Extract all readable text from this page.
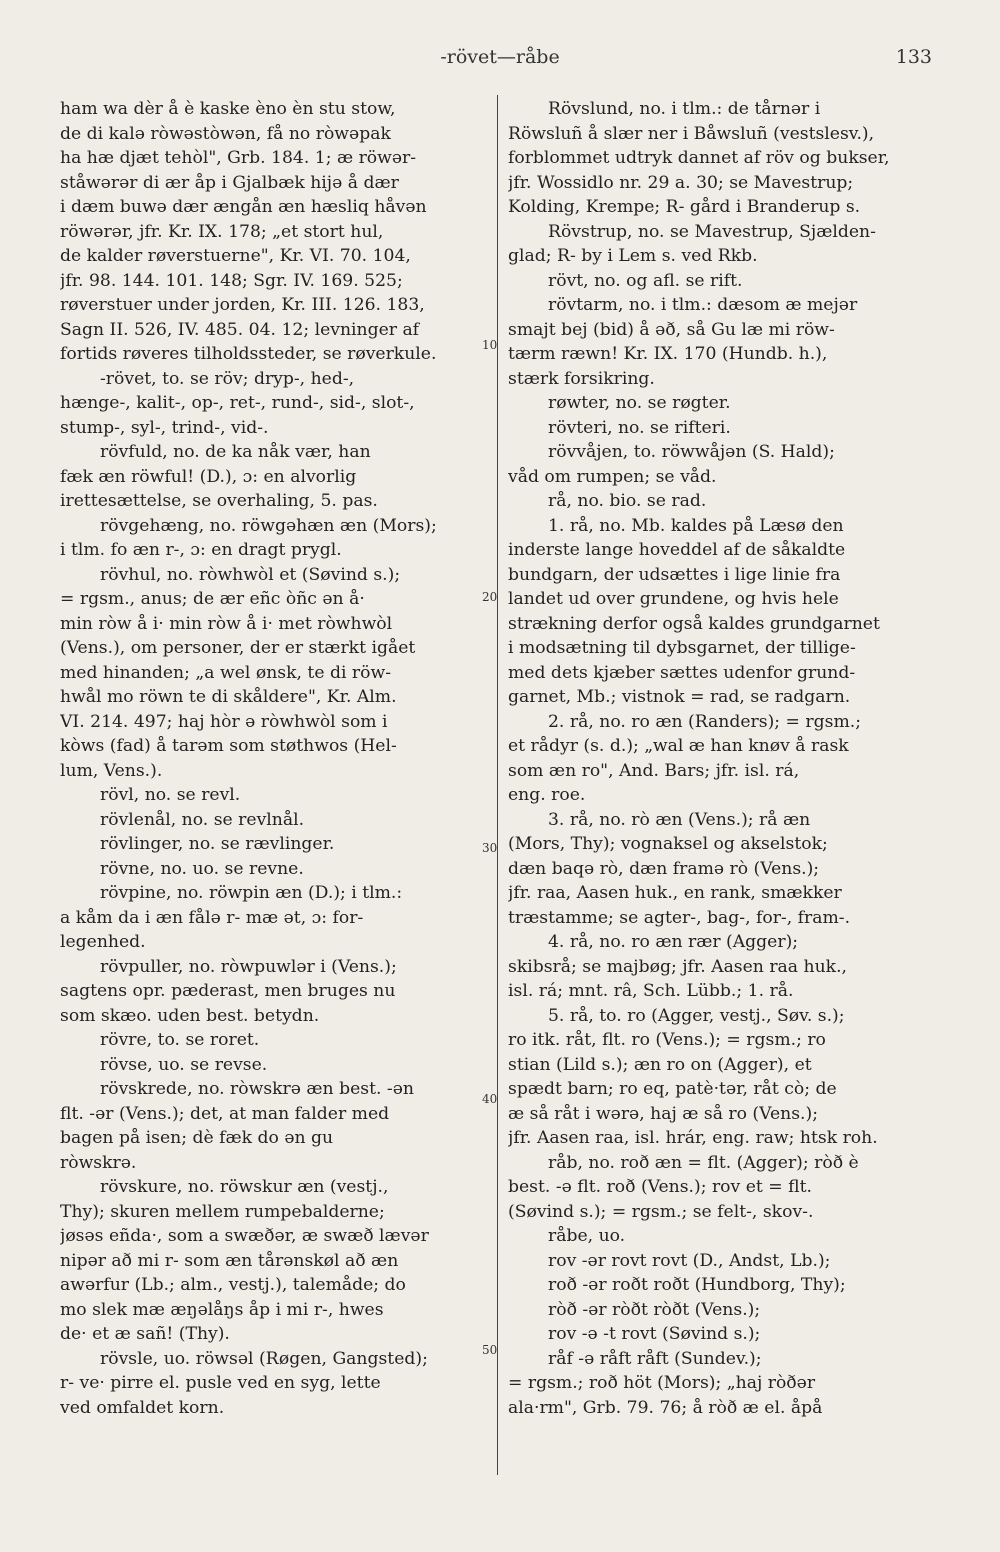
-rövet—råbe	133
ham wa dèr å è kaske èno èn stu stow,
de di kalə ròwəstòwən, få no ròwəpak
ha hæ djæt tehòl", Grb. 184. 1; æ röwər-
ståwərər di ær åp i Gjalbæk hijə å dær
i dæm buwə dær ængån æn hæsliq håvən
röwərər, jfr. Kr. IX. 178; „et stort hul,
de kalder røverstuerne", Kr. VI. 70. 104,
jfr. 98. 144. 101. 148; Sgr. IV. 169. 525;
røverstuer under jorden, Kr. III. 126. 183,
Sagn II. 526, IV. 485. 04. 12; levninger af
fortids røveres tilholdssteder, se røverkule.
-rövet, to. se röv; dryp-, hed-,
hænge-, kalit-, op-, ret-, rund-, sid-, slot-,
stump-, syl-, trind-, vid-.
rövfuld, no. de ka nåk vær, han
fæk æn röwful! (D.), ɔ: en alvorlig
irettesættelse, se overhaling, 5. pas.
rövgehæng, no. röwgəhæn æn (Mors);
i tlm. fo æn r-, ɔ: en dragt prygl.
rövhul, no. ròwhwòl et (Søvind s.);
= rgsm., anus; de ær eñc òñc ən å·
min ròw å i· min ròw å i· met ròwhwòl
(Vens.), om personer, der er stærkt igået
med hinanden; „a wel ønsk, te di röw-
hwål mo röwn te di skåldere", Kr. Alm.
VI. 214. 497; haj hòr ə ròwhwòl som i
kòws (fad) å tarəm som støthwos (Hel-
lum, Vens.).
rövl, no. se revl.
rövlenål, no. se revlnål.
rövlinger, no. se rævlinger.
rövne, no. uo. se revne.
rövpine, no. röwpin æn (D.); i tlm.:
a kåm da i æn fålə r- mæ ət, ɔ: for-
legenhed.
rövpuller, no. ròwpuwlər i (Vens.);
sagtens opr. pæderast, men bruges nu
som skæo. uden best. betydn.
rövre, to. se roret.
rövse, uo. se revse.
rövskrede, no. ròwskrə æn best. -ən
flt. -ər (Vens.); det, at man falder med
bagen på isen; dè fæk do ən gu
ròwskrə.
rövskure, no. röwskur æn (vestj.,
Thy); skuren mellem rumpebalderne;
jøsəs eñda·, som a swæðər, æ swæð lævər
nipər að mi r- som æn tårənskøl að æn
awərfur (Lb.; alm., vestj.), talemåde; do
mo slek mæ æŋəlåŋs åp i mi r-, hwes
de· et æ sañ! (Thy).
rövsle, uo. röwsəl (Røgen, Gangsted);
r- ve· pirre el. pusle ved en syg, lette
ved omfaldet korn.
Rövslund, no. i tlm.: de tårnər i
Röwsluñ å slær ner i Båwsluñ (vestslesv.),
forblommet udtryk dannet af röv og bukser,
jfr. Wossidlo nr. 29 a. 30; se Mavestrup;
Kolding, Krempe; R- gård i Branderup s.
Rövstrup, no. se Mavestrup, Sjælden-
glad; R- by i Lem s. ved Rkb.
rövt, no. og afl. se rift.
rövtarm, no. i tlm.: dæsom æ mejər
smajt bej (bid) å əð, så Gu læ mi röw-
tærm ræwn! Kr. IX. 170 (Hundb. h.),
stærk forsikring.
røwter, no. se røgter.
rövteri, no. se rifteri.
rövvåjen, to. röwwåjən (S. Hald);
våd om rumpen; se våd.
rå, no. bio. se rad.
1. rå, no. Mb. kaldes på Læsø den
inderste lange hoveddel af de såkaldte
bundgarn, der udsættes i lige linie fra
landet ud over grundene, og hvis hele
strækning derfor også kaldes grundgarnet
i modsætning til dybsgarnet, der tillige-
med dets kjæber sættes udenfor grund-
garnet, Mb.; vistnok = rad, se radgarn.
2. rå, no. ro æn (Randers); = rgsm.;
et rådyr (s. d.); „wal æ han knøv å rask
som æn ro", And. Bars; jfr. isl. rá,
eng. roe.
3. rå, no. rò æn (Vens.); rå æn
(Mors, Thy); vognaksel og akselstok;
dæn baqə rò, dæn framə rò (Vens.);
jfr. raa, Aasen huk., en rank, smækker
træstamme; se agter-, bag-, for-, fram-.
4. rå, no. ro æn rær (Agger);
skibsrå; se majbøg; jfr. Aasen raa huk.,
isl. rá; mnt. râ, Sch. Lübb.; 1. rå.
5. rå, to. ro (Agger, vestj., Søv. s.);
ro itk. råt, flt. ro (Vens.); = rgsm.; ro
stian (Lild s.); æn ro on (Agger), et
spædt barn; ro eq, patè·tər, råt cò; de
æ så råt i wərə, haj æ så ro (Vens.);
jfr. Aasen raa, isl. hrár, eng. raw; htsk roh.
råb, no. roð æn = flt. (Agger); ròð è
best. -ə flt. roð (Vens.); rov et = flt.
(Søvind s.); = rgsm.; se felt-, skov-.
råbe, uo.
rov -ər rovt rovt (D., Andst, Lb.);
roð -ər roðt roðt (Hundborg, Thy);
ròð -ər ròðt ròðt (Vens.);
rov -ə -t rovt (Søvind s.);
råf -ə råft råft (Sundev.);
= rgsm.; roð höt (Mors); „haj ròðər
ala·rm", Grb. 79. 76; å ròð æ el. åpå
10
20
30
40
50
